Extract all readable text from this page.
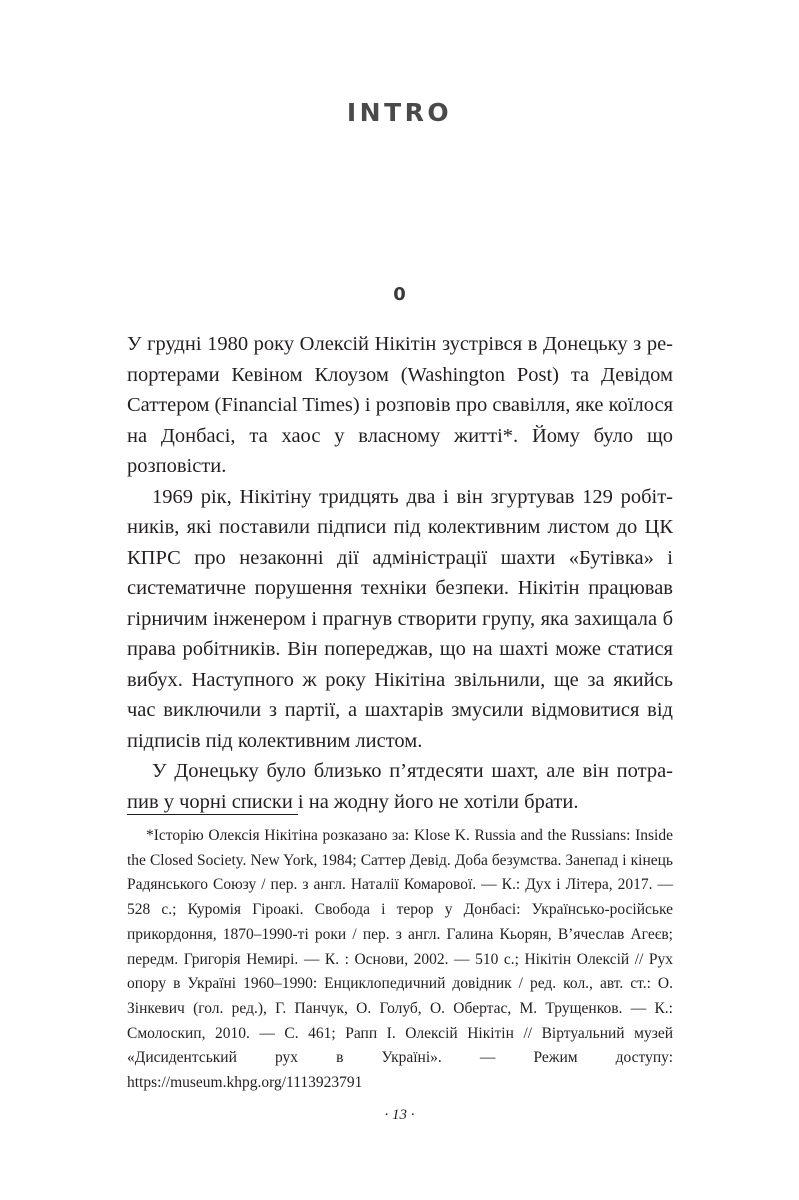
INTRO
0

У грудні 1980 року Олексій Нікітін зустрівся в Донецьку з репортерами Кевіном Клоузом (Washington Post) та Девідом Саттером (Financial Times) і розповів про свавілля, яке коїлося на Донбасі, та хаос у власному житті*. Йому було що розповісти.

1969 рік, Нікітіну тридцять два і він згуртував 129 робітників, які поставили підписи під колективним листом до ЦК КПРС про незаконні дії адміністрації шахти «Бутівка» і систематичне порушення техніки безпеки. Нікітін працював гірничим інженером і прагнув створити групу, яка захищала б права робітників. Він попереджав, що на шахті може статися вибух. Наступного ж року Нікітіна звільнили, ще за якийсь час виключили з партії, а шахтарів змусили відмовитися від підписів під колективним листом.

У Донецьку було близько п’ятдесяти шахт, але він потрапив у чорні списки і на жодну його не хотіли брати.

*Історію Олексія Нікітіна розказано за: Klose K. Russia and the Russians: Inside the Closed Society. New York, 1984; Саттер Девід. Доба безумства. Занепад і кінець Радянського Союзу / пер. з англ. Наталії Комарової. — К.: Дух і Літера, 2017. — 528 с.; Куромія Гіроакі. Свобода і терор у Донбасі: Українсько-російське прикордоння, 1870–1990-ті роки / пер. з англ. Галина Кьорян, В’ячеслав Агеєв; передм. Григорія Немирі. — К. : Основи, 2002. — 510 с.; Нікітін Олексій // Рух опору в Україні 1960–1990: Енциклопедичний довідник / ред. кол., авт. ст.: О. Зінкевич (гол. ред.), Г. Панчук, О. Голуб, О. Обертас, М. Трущенков. — К.: Смолоскип, 2010. — С. 461; Рапп І. Олексій Нікітін // Віртуальний музей «Дисидентський рух в Україні». — Режим доступу: https://museum.khpg.org/1113923791

· 13 ·
